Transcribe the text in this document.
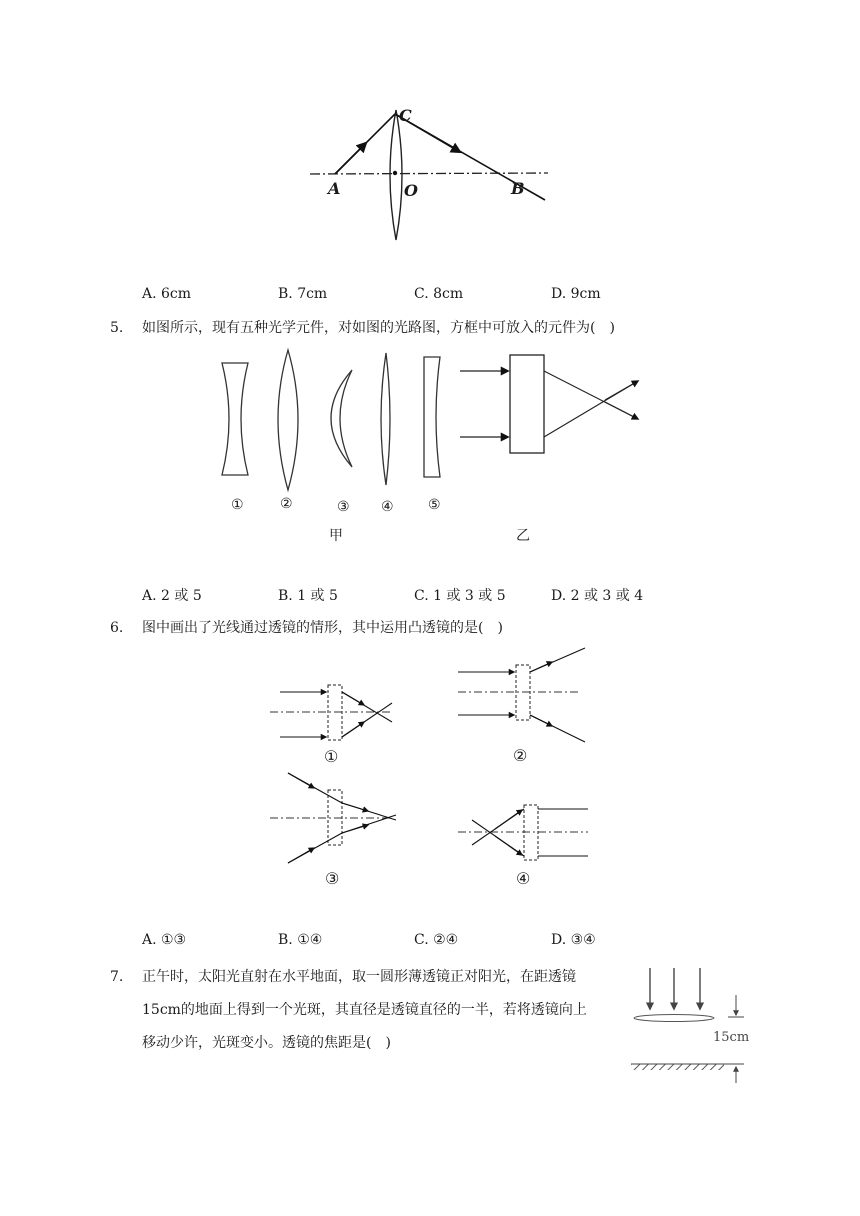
C
A	O	B
A. 6cm	B. 7cm	C. 8cm	D. 9cm
5. 如图所示，现有五种光学元件，对如图的光路图，方框中可放入的元件为(  )
①	②	③ ④ ⑤
甲	乙
A. 2 或 5	B. 1 或 5	C. 1 或 3 或 5	D. 2 或 3 或 4
6. 图中画出了光线通过透镜的情形，其中运用凸透镜的是(  )
①	②
③	④
A. ①③	B. ①④	C. ②④	D. ③④
7. 正午时，太阳光直射在水平地面，取一圆形薄透镜正对阳光，在距透镜
15cm的地面上得到一个光斑，其直径是透镜直径的一半，若将透镜向上
移动少许，光斑变小。透镜的焦距是(  )	15cm
